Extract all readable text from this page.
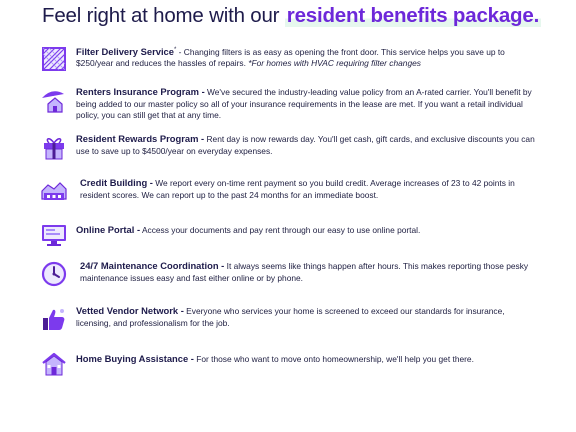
Feel right at home with our resident benefits package.
Filter Delivery Service* - Changing filters is as easy as opening the front door. This service helps you save up to $250/year and reduces the hassles of repairs. *For homes with HVAC requiring filter changes
Renters Insurance Program - We've secured the industry-leading value policy from an A-rated carrier. You'll benefit by being added to our master policy so all of your insurance requirements in the lease are met. If you want a retail individual policy, you can still get that at any time.
Resident Rewards Program - Rent day is now rewards day. You'll get cash, gift cards, and exclusive discounts you can use to save up to $4500/year on everyday expenses.
Credit Building - We report every on-time rent payment so you build credit. Average increases of 23 to 42 points in resident scores. We can report up to the past 24 months for an immediate boost.
Online Portal - Access your documents and pay rent through our easy to use online portal.
24/7 Maintenance Coordination - It always seems like things happen after hours. This makes reporting those pesky maintenance issues easy and fast either online or by phone.
Vetted Vendor Network - Everyone who services your home is screened to exceed our standards for insurance, licensing, and professionalism for the job.
Home Buying Assistance - For those who want to move onto homeownership, we'll help you get there.
